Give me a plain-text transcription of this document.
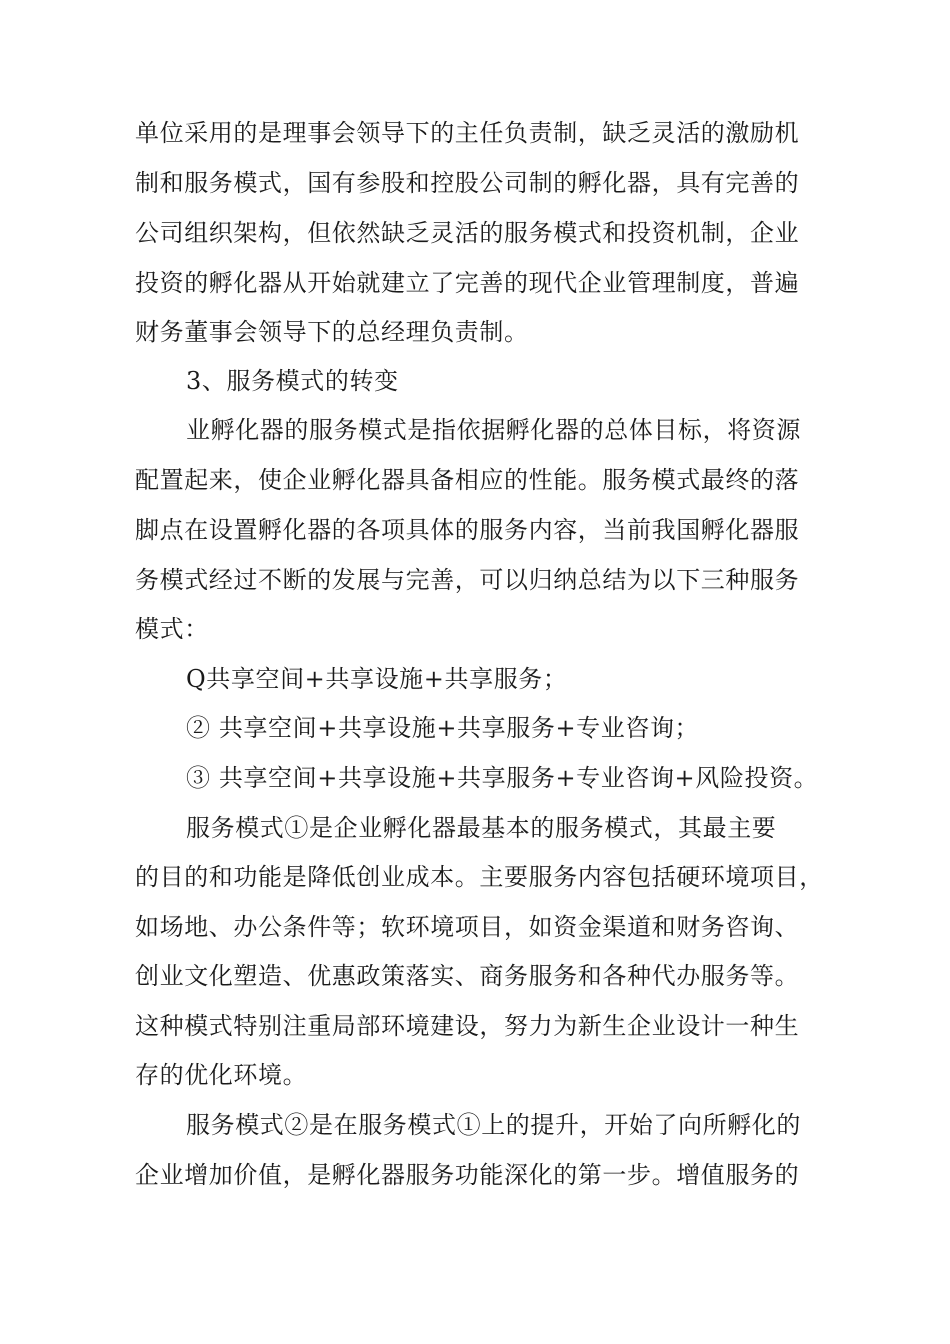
单位采用的是理事会领导下的主任负责制，缺乏灵活的激励机
制和服务模式，国有参股和控股公司制的孵化器，具有完善的
公司组织架构，但依然缺乏灵活的服务模式和投资机制，企业
投资的孵化器从开始就建立了完善的现代企业管理制度，普遍
财务董事会领导下的总经理负责制。
3、服务模式的转变
业孵化器的服务模式是指依据孵化器的总体目标，将资源
配置起来，使企业孵化器具备相应的性能。服务模式最终的落
脚点在设置孵化器的各项具体的服务内容，当前我国孵化器服
务模式经过不断的发展与完善，可以归纳总结为以下三种服务
模式：
Q共享空间+共享设施+共享服务；
② 共享空间+共享设施+共享服务+专业咨询；
③ 共享空间+共享设施+共享服务+专业咨询+风险投资。
服务模式①是企业孵化器最基本的服务模式，其最主要
的目的和功能是降低创业成本。主要服务内容包括硬环境项目，
如场地、办公条件等；软环境项目，如资金渠道和财务咨询、
创业文化塑造、优惠政策落实、商务服务和各种代办服务等。
这种模式特别注重局部环境建设，努力为新生企业设计一种生
存的优化环境。
服务模式②是在服务模式①上的提升，开始了向所孵化的
企业增加价值，是孵化器服务功能深化的第一步。增值服务的
